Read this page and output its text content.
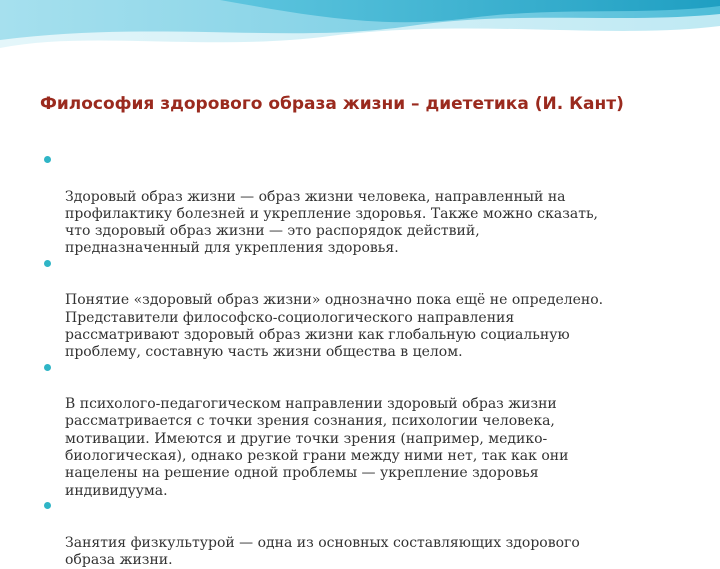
Философия здорового образа жизни – диететика (И. Кант)

Здоровый образ жизни — образ жизни человека, направленный на
профилактику болезней и укрепление здоровья. Также можно сказать,
что здоровый образ жизни — это распорядок действий,
предназначенный для укрепления здоровья.

Понятие «здоровый образ жизни» однозначно пока ещё не определено.
Представители философско-социологического направления
рассматривают здоровый образ жизни как глобальную социальную
проблему, составную часть жизни общества в целом.

В психолого-педагогическом направлении здоровый образ жизни
рассматривается с точки зрения сознания, психологии человека,
мотивации. Имеются и другие точки зрения (например, медико-
биологическая), однако резкой грани между ними нет, так как они
нацелены на решение одной проблемы — укрепление здоровья
индивидуума.

Занятия физкультурой — одна из основных составляющих здорового
образа жизни.
